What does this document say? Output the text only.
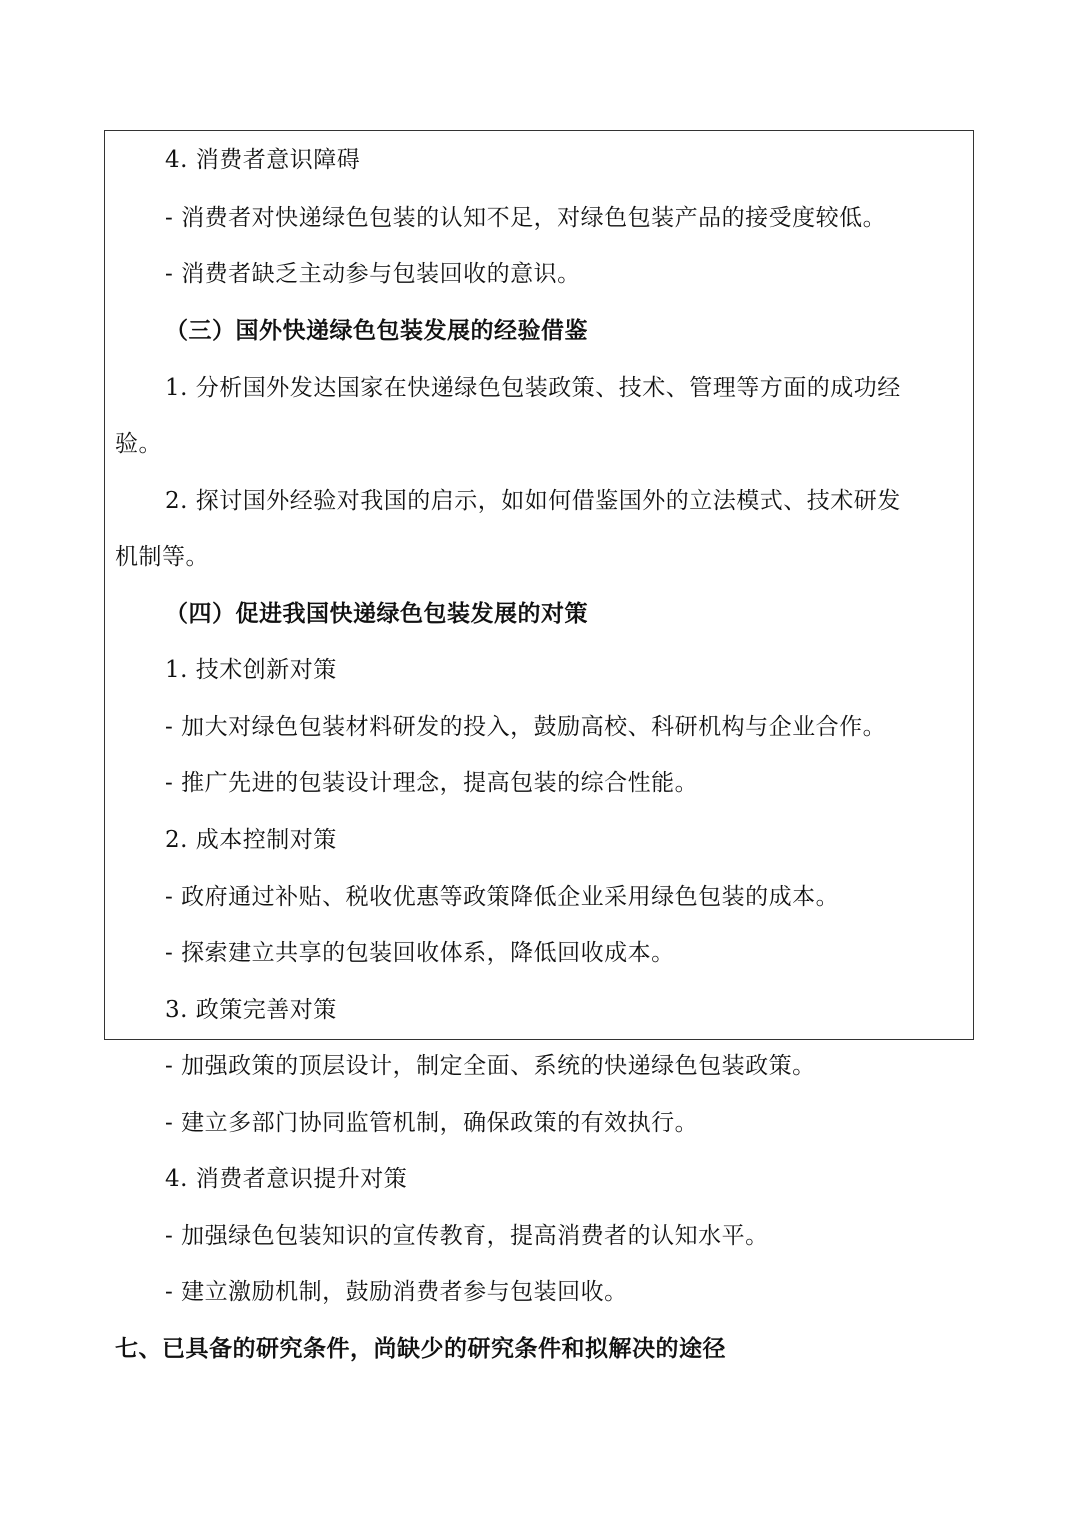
4. 消费者意识障碍
- 消费者对快递绿色包装的认知不足，对绿色包装产品的接受度较低。
- 消费者缺乏主动参与包装回收的意识。
（三）国外快递绿色包装发展的经验借鉴
1. 分析国外发达国家在快递绿色包装政策、技术、管理等方面的成功经
验。
2. 探讨国外经验对我国的启示，如如何借鉴国外的立法模式、技术研发
机制等。
（四）促进我国快递绿色包装发展的对策
1. 技术创新对策
- 加大对绿色包装材料研发的投入，鼓励高校、科研机构与企业合作。
- 推广先进的包装设计理念，提高包装的综合性能。
2. 成本控制对策
- 政府通过补贴、税收优惠等政策降低企业采用绿色包装的成本。
- 探索建立共享的包装回收体系，降低回收成本。
3. 政策完善对策
- 加强政策的顶层设计，制定全面、系统的快递绿色包装政策。
- 建立多部门协同监管机制，确保政策的有效执行。
4. 消费者意识提升对策
- 加强绿色包装知识的宣传教育，提高消费者的认知水平。
- 建立激励机制，鼓励消费者参与包装回收。
七、已具备的研究条件，尚缺少的研究条件和拟解决的途径
